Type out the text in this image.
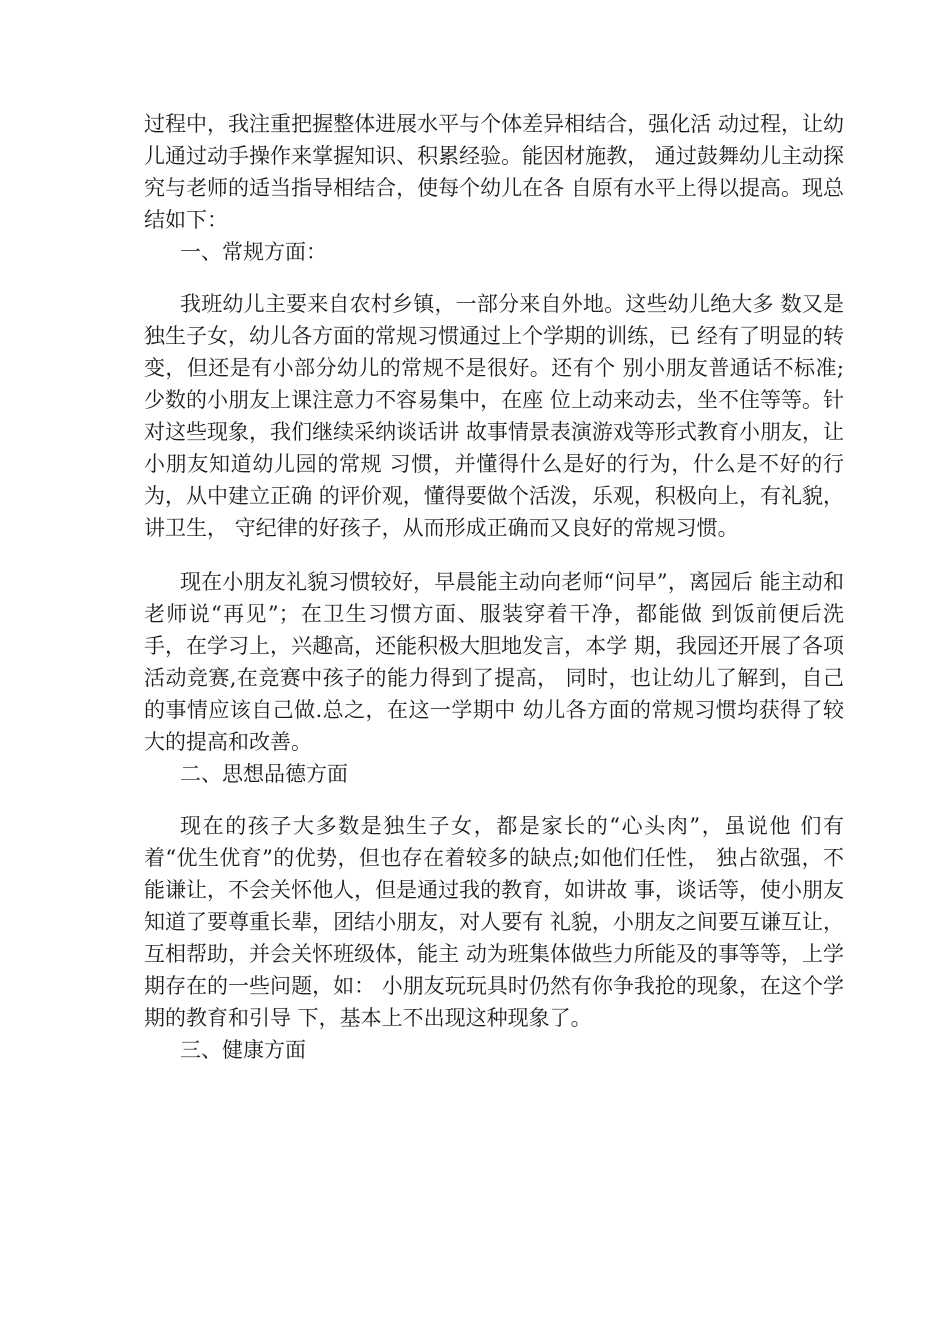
过程中，我注重把握整体进展水平与个体差异相结合，强化活 动过程，让幼儿通过动手操作来掌握知识、积累经验。能因材施教， 通过鼓舞幼儿主动探究与老师的适当指导相结合，使每个幼儿在各 自原有水平上得以提高。现总结如下：

一、常规方面：

我班幼儿主要来自农村乡镇，一部分来自外地。这些幼儿绝大多 数又是独生子女，幼儿各方面的常规习惯通过上个学期的训练，已 经有了明显的转变，但还是有小部分幼儿的常规不是很好。还有个 别小朋友普通话不标准;少数的小朋友上课注意力不容易集中，在座 位上动来动去，坐不住等等。针对这些现象，我们继续采纳谈话讲 故事情景表演游戏等形式教育小朋友，让小朋友知道幼儿园的常规 习惯，并懂得什么是好的行为，什么是不好的行为，从中建立正确 的评价观，懂得要做个活泼，乐观，积极向上，有礼貌，讲卫生， 守纪律的好孩子，从而形成正确而又良好的常规习惯。

现在小朋友礼貌习惯较好，早晨能主动向老师“问早”，离园后 能主动和老师说“再见”；在卫生习惯方面、服装穿着干净，都能做 到饭前便后洗手，在学习上，兴趣高，还能积极大胆地发言，本学 期，我园还开展了各项活动竞赛,在竞赛中孩子的能力得到了提高， 同时，也让幼儿了解到，自己的事情应该自己做.总之，在这一学期中 幼儿各方面的常规习惯均获得了较大的提高和改善。

二、思想品德方面

现在的孩子大多数是独生子女，都是家长的“心头肉”，虽说他 们有着“优生优育”的优势，但也存在着较多的缺点;如他们任性， 独占欲强，不能谦让，不会关怀他人，但是通过我的教育，如讲故 事，谈话等，使小朋友知道了要尊重长辈，团结小朋友，对人要有 礼貌，小朋友之间要互谦互让，互相帮助，并会关怀班级体，能主 动为班集体做些力所能及的事等等，上学期存在的一些问题，如： 小朋友玩玩具时仍然有你争我抢的现象，在这个学期的教育和引导 下，基本上不出现这种现象了。

三、健康方面
